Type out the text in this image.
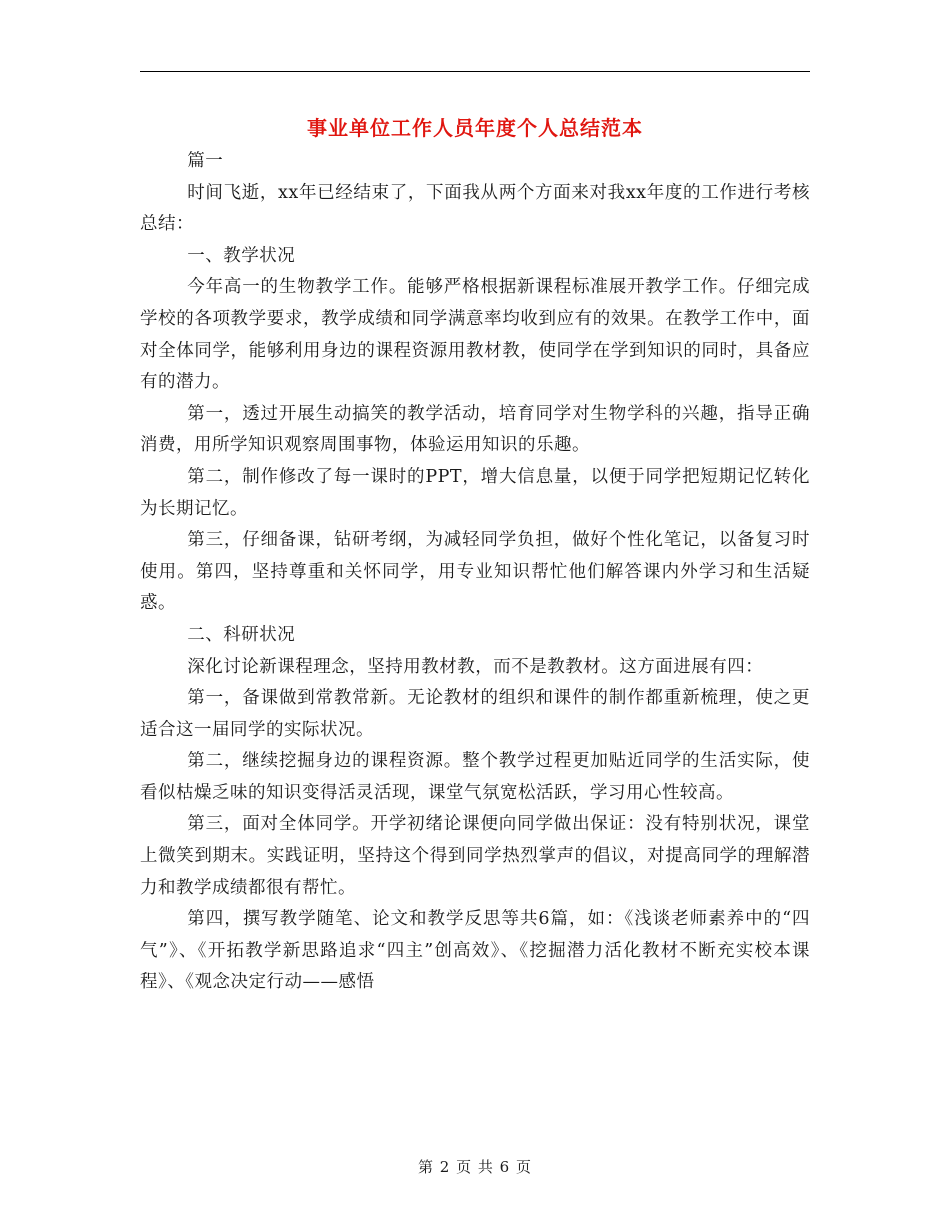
事业单位工作人员年度个人总结范本

篇一

时间飞逝，xx年已经结束了，下面我从两个方面来对我xx年度的工作进行考核总结：

一、教学状况

今年高一的生物教学工作。能够严格根据新课程标准展开教学工作。仔细完成学校的各项教学要求，教学成绩和同学满意率均收到应有的效果。在教学工作中，面对全体同学，能够利用身边的课程资源用教材教，使同学在学到知识的同时，具备应有的潜力。

第一，透过开展生动搞笑的教学活动，培育同学对生物学科的兴趣，指导正确消费，用所学知识观察周围事物，体验运用知识的乐趣。

第二，制作修改了每一课时的PPT，增大信息量，以便于同学把短期记忆转化为长期记忆。

第三，仔细备课，钻研考纲，为减轻同学负担，做好个性化笔记，以备复习时使用。第四，坚持尊重和关怀同学，用专业知识帮忙他们解答课内外学习和生活疑惑。

二、科研状况

深化讨论新课程理念，坚持用教材教，而不是教教材。这方面进展有四：

第一，备课做到常教常新。无论教材的组织和课件的制作都重新梳理，使之更适合这一届同学的实际状况。

第二，继续挖掘身边的课程资源。整个教学过程更加贴近同学的生活实际，使看似枯燥乏味的知识变得活灵活现，课堂气氛宽松活跃，学习用心性较高。

第三，面对全体同学。开学初绪论课便向同学做出保证：没有特别状况，课堂上微笑到期末。实践证明，坚持这个得到同学热烈掌声的倡议，对提高同学的理解潜力和教学成绩都很有帮忙。

第四，撰写教学随笔、论文和教学反思等共6篇，如：《浅谈老师素养中的“四气”》、《开拓教学新思路追求“四主”创高效》、《挖掘潜力活化教材不断充实校本课程》、《观念决定行动——感悟

第 2 页 共 6 页
